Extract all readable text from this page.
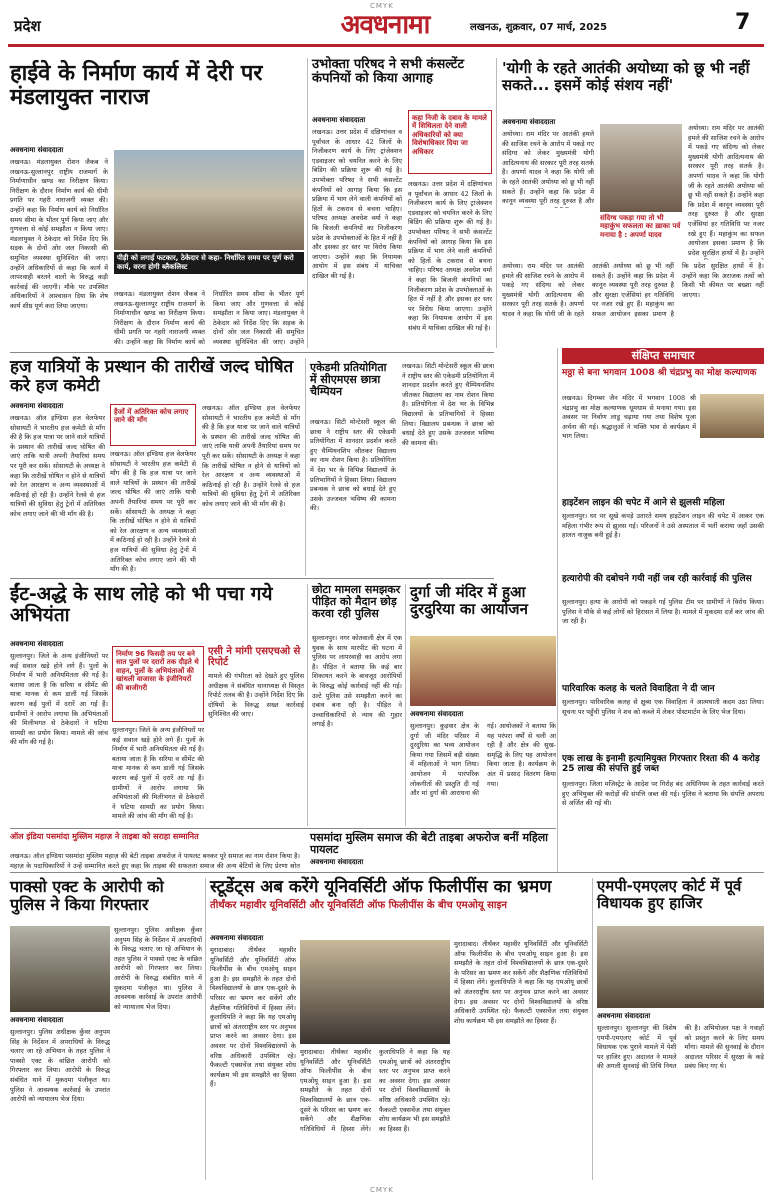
CMYK
प्रदेश	अवधनामा	लखनऊ, शुक्रवार, 07 मार्च, 2025	7
हाईवे के निर्माण कार्य में देरी पर मंडलायुक्त नाराज
अवधनामा संवाददाता
लखनऊ। मंडलायुक्त रोशन जैकब ने लखनऊ-सुल्तानपुर राष्ट्रीय राजमार्ग के निर्माणाधीन खण्ड का निरीक्षण किया। निरीक्षण के दौरान निर्माण कार्य की धीमी प्रगति पर गहरी नाराजगी व्यक्त की। उन्होंने कहा कि निर्माण कार्य को निर्धारित समय सीमा के भीतर पूर्ण किया जाए और गुणवत्ता से कोई समझौता न किया जाए। मंडलायुक्त ने ठेकेदार को निर्देश दिए कि सड़क के दोनों ओर जल निकासी की समुचित व्यवस्था सुनिश्चित की जाए। उन्होंने अधिकारियों से कहा कि कार्य में लापरवाही बरतने वालों के विरुद्ध कड़ी कार्रवाई की जाएगी। मौके पर उपस्थित अधिकारियों ने आश्वासन दिया कि शेष कार्य शीघ्र पूर्ण करा लिया जाएगा।
पीड़ी को लगाई फटकार, ठेकेदार से कहा- निर्धारित समय पर पूर्ण करो कार्य, वरना होगी ब्लैकलिस्ट
लखनऊ। मंडलायुक्त रोशन जैकब ने लखनऊ-सुल्तानपुर राष्ट्रीय राजमार्ग के निर्माणाधीन खण्ड का निरीक्षण किया। निरीक्षण के दौरान निर्माण कार्य की धीमी प्रगति पर गहरी नाराजगी व्यक्त की। उन्होंने कहा कि निर्माण कार्य को निर्धारित समय सीमा के भीतर पूर्ण किया जाए और गुणवत्ता से कोई समझौता न किया जाए। मंडलायुक्त ने ठेकेदार को निर्देश दिए कि सड़क के दोनों ओर जल निकासी की समुचित व्यवस्था सुनिश्चित की जाए। उन्होंने
उभोक्ता परिषद ने सभी कंसल्टेंट कंपनियों को किया आगाह
अवधनामा संवाददाता
लखनऊ। उत्तर प्रदेश में दक्षिणांचल व पूर्वांचल के आधार 42 जिलों के निजीकरण कार्य के लिए ट्रांजेक्शन एडवाइजर को चयनित करने के लिए बिडिंग की प्रक्रिया शुरू की गई है। उपभोक्ता परिषद ने सभी कंसल्टेंट कंपनियों को आगाह किया कि इस प्रक्रिया में भाग लेने वाली कंपनियों को हितों के टकराव से बचना चाहिए। परिषद अध्यक्ष अवधेश वर्मा ने कहा कि बिजली कंपनियों का निजीकरण प्रदेश के उपभोक्ताओं के हित में नहीं है और इसका हर स्तर पर विरोध किया जाएगा। उन्होंने कहा कि नियामक आयोग में इस संबंध में याचिका दाखिल की गई है।
कहा निजी के दबाव के मामले में शिथिलता देने वाली अधिकारियों को क्या विशेषाधिकार दिया जा अधिकार
लखनऊ। उत्तर प्रदेश में दक्षिणांचल व पूर्वांचल के आधार 42 जिलों के निजीकरण कार्य के लिए ट्रांजेक्शन एडवाइजर को चयनित करने के लिए बिडिंग की प्रक्रिया शुरू की गई है। उपभोक्ता परिषद ने सभी कंसल्टेंट कंपनियों को आगाह किया कि इस प्रक्रिया में भाग लेने वाली कंपनियों को हितों के टकराव से बचना चाहिए। परिषद अध्यक्ष अवधेश वर्मा ने कहा कि बिजली कंपनियों का निजीकरण प्रदेश के उपभोक्ताओं के हित में नहीं है और इसका हर स्तर पर विरोध किया जाएगा। उन्होंने कहा कि नियामक आयोग में इस संबंध में याचिका दाखिल की गई है।
'योगी के रहते आतंकी अयोध्या को छू भी नहीं सकते... इसमें कोई संशय नहीं'
अवधनामा संवाददाता
अयोध्या। राम मंदिर पर आतंकी हमले की साजिश रचने के आरोप में पकड़े गए संदिग्ध को लेकर मुख्यमंत्री योगी आदित्यनाथ की सरकार पूरी तरह सतर्क है। अपर्णा यादव ने कहा कि योगी जी के रहते आतंकी अयोध्या को छू भी नहीं सकते हैं। उन्होंने कहा कि प्रदेश में कानून व्यवस्था पूरी तरह दुरुस्त है और
संदिग्ध पकड़ा गया तो भी महाकुंभ सफलता का ख़ाका पर्व मनाया है : अपर्णा यादव
अयोध्या। राम मंदिर पर आतंकी हमले की साजिश रचने के आरोप में पकड़े गए संदिग्ध को लेकर मुख्यमंत्री योगी आदित्यनाथ की सरकार पूरी तरह सतर्क है। अपर्णा यादव ने कहा कि योगी जी के रहते आतंकी अयोध्या को छू भी नहीं सकते हैं। उन्होंने कहा कि प्रदेश में कानून व्यवस्था पूरी तरह दुरुस्त है और सुरक्षा एजेंसियां हर गतिविधि पर नजर रखे हुए हैं। महाकुंभ का सफल आयोजन इसका प्रमाण है कि प्रदेश सुरक्षित हाथों में है। उन्होंने
अयोध्या। राम मंदिर पर आतंकी हमले की साजिश रचने के आरोप में पकड़े गए संदिग्ध को लेकर मुख्यमंत्री योगी आदित्यनाथ की सरकार पूरी तरह सतर्क है। अपर्णा यादव ने कहा कि योगी जी के रहते आतंकी अयोध्या को छू भी नहीं सकते हैं। उन्होंने कहा कि प्रदेश में कानून व्यवस्था पूरी तरह दुरुस्त है और सुरक्षा एजेंसियां हर गतिविधि पर नजर रखे हुए हैं। महाकुंभ का सफल आयोजन इसका प्रमाण है कि प्रदेश सुरक्षित हाथों में है। उन्होंने कहा कि अराजक तत्वों को किसी भी कीमत पर बख्शा नहीं जाएगा।
हज यात्रियों के प्रस्थान की तारीखें जल्द घोषित करे हज कमेटी
अवधनामा संवाददाता
लखनऊ। ऑल इण्डिया हज वेलफेयर सोसायटी ने भारतीय हज कमेटी से माँग की है कि हज यात्रा पर जाने वाले यात्रियों के प्रस्थान की तारीखें जल्द घोषित की जाएं ताकि यात्री अपनी तैयारियां समय पर पूरी कर सकें। सोसायटी के अध्यक्ष ने कहा कि तारीखें घोषित न होने से यात्रियों को रेल आरक्षण व अन्य व्यवस्थाओं में कठिनाई हो रही है। उन्होंने रेलवे से हज यात्रियों की सुविधा हेतु ट्रेनों में अतिरिक्त कोच लगाए जाने की भी माँग की है।
हैजों में अतिरिक्त कोच लगाए जाने की माँग
लखनऊ। ऑल इण्डिया हज वेलफेयर सोसायटी ने भारतीय हज कमेटी से माँग की है कि हज यात्रा पर जाने वाले यात्रियों के प्रस्थान की तारीखें जल्द घोषित की जाएं ताकि यात्री अपनी तैयारियां समय पर पूरी कर सकें। सोसायटी के अध्यक्ष ने कहा कि तारीखें घोषित न होने से यात्रियों को रेल आरक्षण व अन्य व्यवस्थाओं में कठिनाई हो रही है। उन्होंने रेलवे से हज यात्रियों की सुविधा हेतु ट्रेनों में अतिरिक्त कोच लगाए जाने की भी माँग की है।
लखनऊ। ऑल इण्डिया हज वेलफेयर सोसायटी ने भारतीय हज कमेटी से माँग की है कि हज यात्रा पर जाने वाले यात्रियों के प्रस्थान की तारीखें जल्द घोषित की जाएं ताकि यात्री अपनी तैयारियां समय पर पूरी कर सकें। सोसायटी के अध्यक्ष ने कहा कि तारीखें घोषित न होने से यात्रियों को रेल आरक्षण व अन्य व्यवस्थाओं में कठिनाई हो रही है। उन्होंने रेलवे से हज यात्रियों की सुविधा हेतु ट्रेनों में अतिरिक्त कोच लगाए जाने की भी माँग की है।
एकेडमी प्रतियोगिता में सीएमएस छात्रा चैम्पियन
लखनऊ। सिटी मोन्टेसरी स्कूल की छात्रा ने राष्ट्रीय स्तर की एकेडमी प्रतियोगिता में शानदार प्रदर्शन करते हुए चैम्पियनशिप जीतकर विद्यालय का नाम रोशन किया है। प्रतियोगिता में देश भर के विभिन्न विद्यालयों के प्रतिभागियों ने हिस्सा लिया। विद्यालय प्रबन्धक ने छात्रा को बधाई देते हुए उसके उज्जवल भविष्य की कामना की।
लखनऊ। सिटी मोन्टेसरी स्कूल की छात्रा ने राष्ट्रीय स्तर की एकेडमी प्रतियोगिता में शानदार प्रदर्शन करते हुए चैम्पियनशिप जीतकर विद्यालय का नाम रोशन किया है। प्रतियोगिता में देश भर के विभिन्न विद्यालयों के प्रतिभागियों ने हिस्सा लिया। विद्यालय प्रबन्धक ने छात्रा को बधाई देते हुए उसके उज्जवल भविष्य की कामना की।
संक्षिप्त समाचार
मठ्ठा से बना भगवान 1008 श्री चंद्रप्रभु का मोक्ष कल्याणक
लखनऊ। दिगम्बर जैन मंदिर में भगवान 1008 श्री चंद्रप्रभु का मोक्ष कल्याणक धूमधाम से मनाया गया। इस अवसर पर निर्वाण लाडू चढ़ाया गया तथा विशेष पूजा अर्चना की गई। श्रद्धालुओं ने भक्ति भाव से कार्यक्रम में भाग लिया।
हाइटेंशन लाइन की चपेट में आने से झुलसी महिला
सुल्तानपुर। घर पर सूखे कपड़े उतारते समय हाइटेंशन लाइन की चपेट में आकर एक महिला गंभीर रूप से झुलस गई। परिजनों ने उसे अस्पताल में भर्ती कराया जहाँ उसकी हालत नाजुक बनी हुई है।
हत्यारोपी की दबोचने गयी नहीं जब रही कार्रवाई की पुलिस
सुल्तानपुर। हत्या के आरोपी को पकड़ने गई पुलिस टीम पर ग्रामीणों ने विरोध किया। पुलिस ने मौके से कई लोगों को हिरासत में लिया है। मामले में मुकदमा दर्ज कर जांच की जा रही है।
पारिवारिक कलह के चलते विवाहिता ने दी जान
सुल्तानपुर। पारिवारिक कलह से क्षुब्ध एक विवाहिता ने आत्मघाती कदम उठा लिया। सूचना पर पहुँची पुलिस ने शव को कब्जे में लेकर पोस्टमार्टम के लिए भेज दिया।
एक लाख के इनामी हत्यामियुक्त गिरफ्तार रिश्ता की 4 करोड़ 25 लाख की संपत्ति हुई जब्त
सुल्तानपुर। जिला मजिस्ट्रेट के आदेश पर गिरोह बंद अधिनियम के तहत कार्रवाई करते हुए अभियुक्त की करोड़ों की संपत्ति जब्त की गई। पुलिस ने बताया कि संपत्ति अपराध से अर्जित की गई थी।
ईंट-अद्धे के साथ लोहे को भी पचा गये अभियंता
अवधनामा संवाददाता
सुल्तानपुर। जिले के अन्य इंजीनियरों पर कई सवाल खड़े होने लगे हैं। पुलों के निर्माण में भारी अनियमितता की गई है। बताया जाता है कि सरिया व सीमेंट की मात्रा मानक से कम डाली गई जिसके कारण कई पुलों में दरारें आ गई हैं। ग्रामीणों ने आरोप लगाया कि अभियंताओं की मिलीभगत से ठेकेदारों ने घटिया सामग्री का प्रयोग किया। मामले की जांच की माँग की गई है।
निर्माण 96 फिसदी तय पर बने सात पुलों पर दरारों तक दौड़ते थे वाहन, पुलों के अभियंताओं की खांधली वाजासा के इंजीनियरों की बाजीगरी
सुल्तानपुर। जिले के अन्य इंजीनियरों पर कई सवाल खड़े होने लगे हैं। पुलों के निर्माण में भारी अनियमितता की गई है। बताया जाता है कि सरिया व सीमेंट की मात्रा मानक से कम डाली गई जिसके कारण कई पुलों में दरारें आ गई हैं। ग्रामीणों ने आरोप लगाया कि अभियंताओं की मिलीभगत से ठेकेदारों ने घटिया सामग्री का प्रयोग किया। मामले की जांच की माँग की गई है।
एसी ने मांगी एसएचओ से रिपोर्ट
मामले की गंभीरता को देखते हुए पुलिस अधीक्षक ने संबंधित थानाध्यक्ष से विस्तृत रिपोर्ट तलब की है। उन्होंने निर्देश दिए कि दोषियों के विरुद्ध सख्त कार्रवाई सुनिश्चित की जाए।
छोटा मामला समझकर पीड़ित को मैदान छोड़ करवा रही पुलिस
सुल्तानपुर। नगर कोतवाली क्षेत्र में एक युवक के साथ मारपीट की घटना में पुलिस पर लापरवाही का आरोप लगा है। पीड़ित ने बताया कि कई बार शिकायत करने के बावजूद आरोपियों के विरुद्ध कोई कार्रवाई नहीं की गई। उल्टे पुलिस उसे समझौता करने का दबाव बना रही है। पीड़ित ने उच्चाधिकारियों से न्याय की गुहार लगाई है।
दुर्गा जी मंदिर में हुआ दुरदुरिया का आयोजन
अवधनामा संवाददाता
सुल्तानपुर। कुड़वार क्षेत्र के दुर्गा जी मंदिर परिसर में दुरदुरिया का भव्य आयोजन किया गया जिसमें बड़ी संख्या में महिलाओं ने भाग लिया। आयोजन में पारंपरिक लोकगीतों की प्रस्तुति दी गई और मां दुर्गा की आराधना की गई। आयोजकों ने बताया कि यह परंपरा वर्षों से चली आ रही है और क्षेत्र की सुख-समृद्धि के लिए यह आयोजन किया जाता है। कार्यक्रम के अंत में प्रसाद वितरण किया गया।
पसमांदा मुस्लिम समाज की बेटी ताइबा अफरोज बनीं महिला पायलट
अवधनामा संवाददाता
ऑल इंडिया पसमांदा मुस्लिम महाज़ ने ताइबा को सराहा सम्मानित
लखनऊ। ऑल इण्डिया पसमांदा मुस्लिम महाज़ की बेटी ताइबा अफरोज ने पायलट बनकर पूरे समाज का नाम रोशन किया है। महाज़ के पदाधिकारियों ने उन्हें सम्मानित करते हुए कहा कि ताइबा की सफलता समाज की अन्य बेटियों के लिए प्रेरणा स्रोत
पाक्सो एक्ट के आरोपी को पुलिस ने किया गिरफ्तार
अवधनामा संवाददाता
सुल्तानपुर। पुलिस अधीक्षक कुँवर अनुपम सिंह के निर्देशन में अपराधियों के विरुद्ध चलाए जा रहे अभियान के तहत पुलिस ने पाक्सो एक्ट के वांछित आरोपी को गिरफ्तार कर लिया। आरोपी के विरुद्ध संबंधित थाने में मुकदमा पंजीकृत था। पुलिस ने आवश्यक कार्रवाई के उपरांत आरोपी को न्यायालय भेज दिया।
सुल्तानपुर। पुलिस अधीक्षक कुँवर अनुपम सिंह के निर्देशन में अपराधियों के विरुद्ध चलाए जा रहे अभियान के तहत पुलिस ने पाक्सो एक्ट के वांछित आरोपी को गिरफ्तार कर लिया। आरोपी के विरुद्ध संबंधित थाने में मुकदमा पंजीकृत था। पुलिस ने आवश्यक कार्रवाई के उपरांत आरोपी को न्यायालय भेज दिया।
स्टूडेंट्स अब करेंगे यूनिवर्सिटी ऑफ फिलीपींस का भ्रमण
तीर्थंकर महावीर यूनिवर्सिटी और यूनिवर्सिटी ऑफ फिलीपींस के बीच एमओयू साइन
अवधनामा संवाददाता
मुरादाबाद। तीर्थंकर महावीर यूनिवर्सिटी और यूनिवर्सिटी ऑफ फिलीपींस के बीच एमओयू साइन हुआ है। इस समझौते के तहत दोनों विश्वविद्यालयों के छात्र एक-दूसरे के परिसर का भ्रमण कर सकेंगे और शैक्षणिक गतिविधियों में हिस्सा लेंगे। कुलाधिपति ने कहा कि यह एमओयू छात्रों को अंतरराष्ट्रीय स्तर पर अनुभव प्राप्त करने का अवसर देगा। इस अवसर पर दोनों विश्वविद्यालयों के वरिष्ठ अधिकारी उपस्थित रहे। फैकल्टी एक्सचेंज तथा संयुक्त शोध कार्यक्रम भी इस समझौते का हिस्सा हैं।
मुरादाबाद। तीर्थंकर महावीर यूनिवर्सिटी और यूनिवर्सिटी ऑफ फिलीपींस के बीच एमओयू साइन हुआ है। इस समझौते के तहत दोनों विश्वविद्यालयों के छात्र एक-दूसरे के परिसर का भ्रमण कर सकेंगे और शैक्षणिक गतिविधियों में हिस्सा लेंगे। कुलाधिपति ने कहा कि यह एमओयू छात्रों को अंतरराष्ट्रीय स्तर पर अनुभव प्राप्त करने का अवसर देगा। इस अवसर पर दोनों विश्वविद्यालयों के वरिष्ठ अधिकारी उपस्थित रहे। फैकल्टी एक्सचेंज तथा संयुक्त शोध कार्यक्रम भी इस समझौते का हिस्सा हैं।
मुरादाबाद। तीर्थंकर महावीर यूनिवर्सिटी और यूनिवर्सिटी ऑफ फिलीपींस के बीच एमओयू साइन हुआ है। इस समझौते के तहत दोनों विश्वविद्यालयों के छात्र एक-दूसरे के परिसर का भ्रमण कर सकेंगे और शैक्षणिक गतिविधियों में हिस्सा लेंगे। कुलाधिपति ने कहा कि यह एमओयू छात्रों को अंतरराष्ट्रीय स्तर पर अनुभव प्राप्त करने का अवसर देगा। इस अवसर पर दोनों विश्वविद्यालयों के वरिष्ठ अधिकारी उपस्थित रहे। फैकल्टी एक्सचेंज तथा संयुक्त शोध कार्यक्रम भी इस समझौते का हिस्सा हैं।
एमपी-एमएलए कोर्ट में पूर्व विधायक हुए हाजिर
अवधनामा संवाददाता
सुल्तानपुर। सुल्तानपुर की विशेष एमपी-एमएलए कोर्ट में पूर्व विधायक एक पुराने मामले में पेशी पर हाजिर हुए। अदालत ने मामले की अगली सुनवाई की तिथि नियत की है। अभियोजन पक्ष ने गवाहों को प्रस्तुत करने के लिए समय माँगा। मामले की सुनवाई के दौरान अदालत परिसर में सुरक्षा के कड़े प्रबंध किए गए थे।
CMYK
